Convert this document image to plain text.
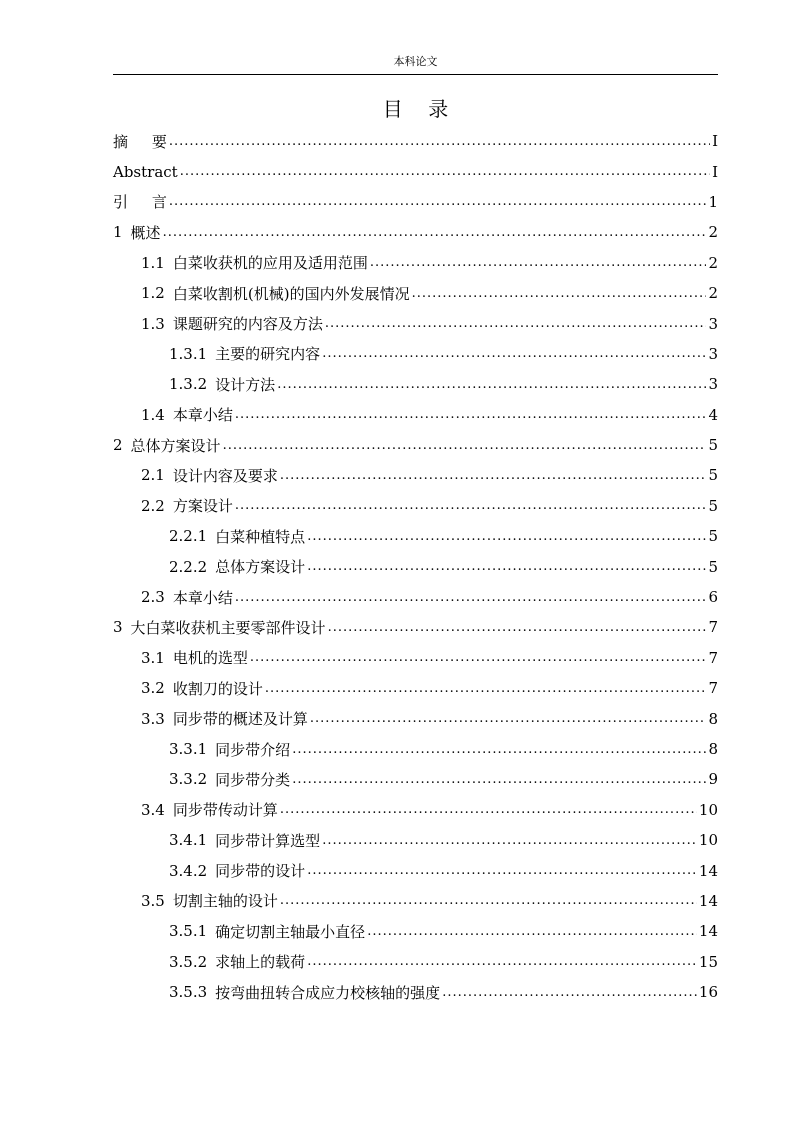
本科论文
目    录
摘     要 .....	I
Abstract .....	I
引     言 .....	1
1 概述 .....	2
1.1 白菜收获机的应用及适用范围 .....	2
1.2 白菜收割机(机械)的国内外发展情况 .....	2
1.3 课题研究的内容及方法 .....	3
1.3.1 主要的研究内容 .....	3
1.3.2 设计方法 .....	3
1.4 本章小结 .....	4
2 总体方案设计 .....	5
2.1 设计内容及要求 .....	5
2.2 方案设计 .....	5
2.2.1 白菜种植特点 .....	5
2.2.2 总体方案设计 .....	5
2.3 本章小结 .....	6
3 大白菜收获机主要零部件设计 .....	7
3.1 电机的选型 .....	7
3.2 收割刀的设计 .....	7
3.3 同步带的概述及计算 .....	8
3.3.1 同步带介绍 .....	8
3.3.2 同步带分类 .....	9
3.4 同步带传动计算 .....	10
3.4.1 同步带计算选型 .....	10
3.4.2 同步带的设计 .....	14
3.5 切割主轴的设计 .....	14
3.5.1 确定切割主轴最小直径 .....	14
3.5.2 求轴上的载荷 .....	15
3.5.3 按弯曲扭转合成应力校核轴的强度 .....	16
